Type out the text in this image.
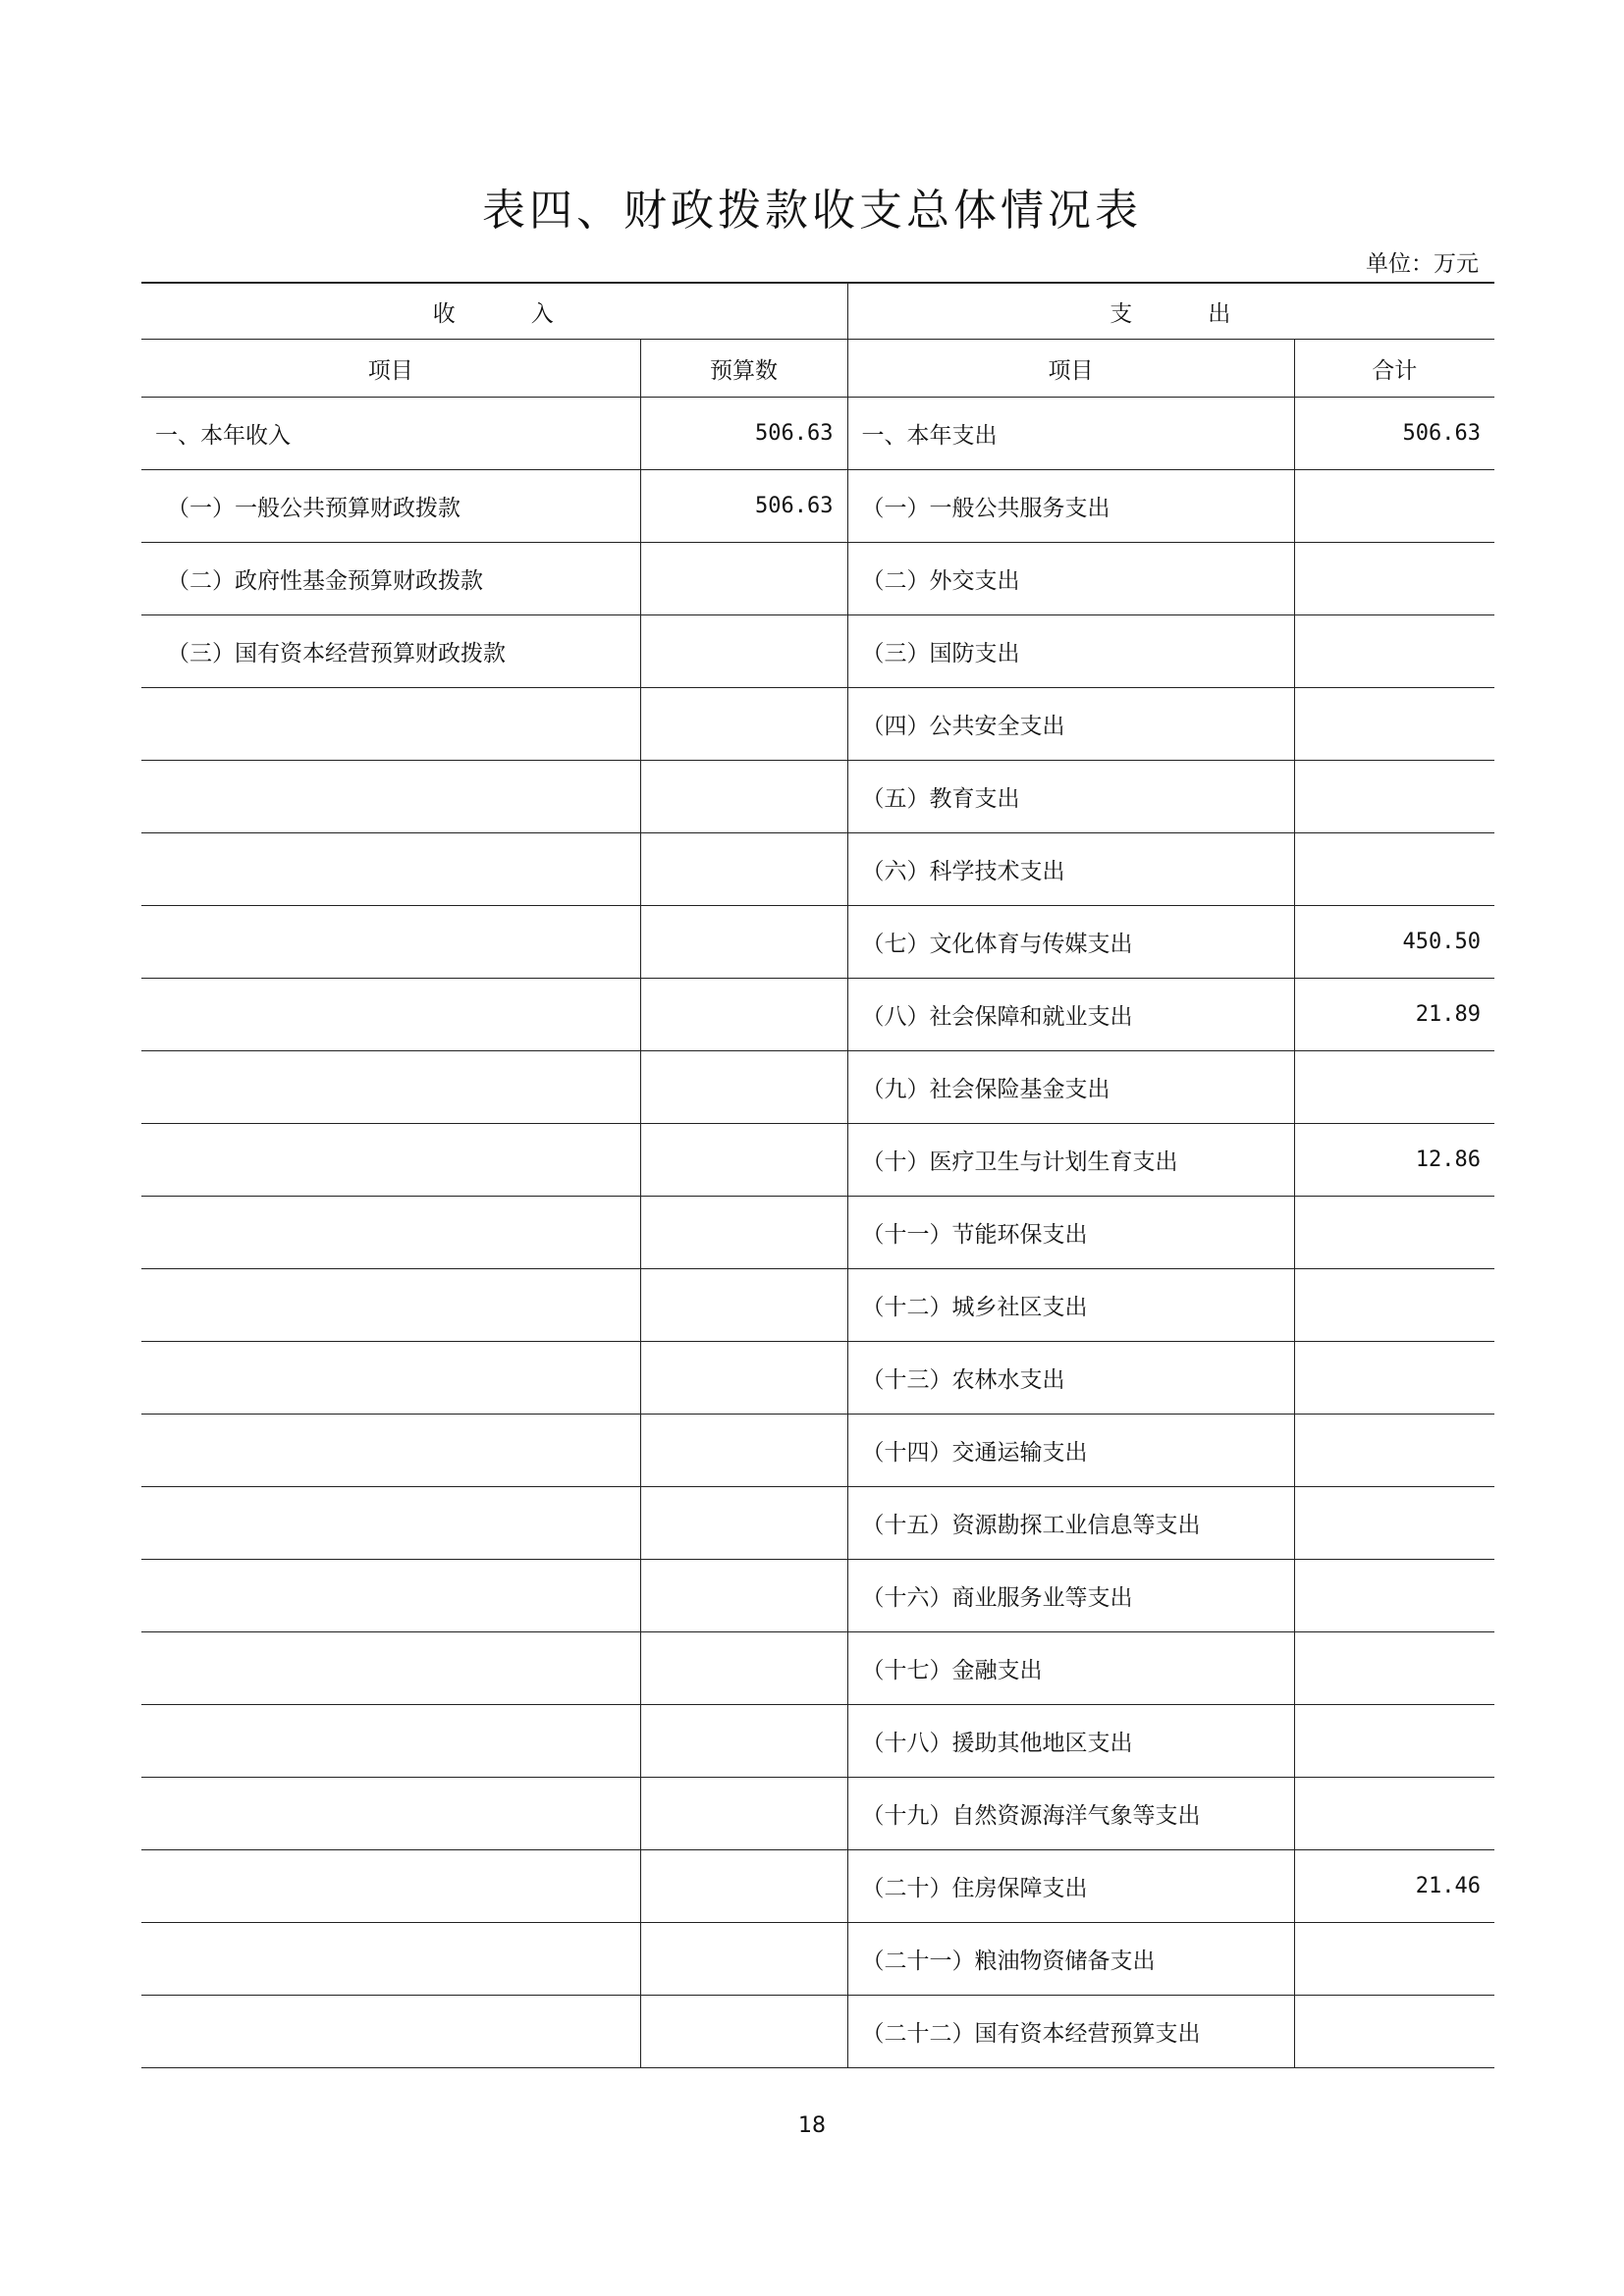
表四、财政拨款收支总体情况表
单位：万元
收　　　入		支　　　出	
项目	预算数	项目	合计
一、本年收入	506.63	一、本年支出	506.63
（一）一般公共预算财政拨款	506.63	（一）一般公共服务支出	
（二）政府性基金预算财政拨款		（二）外交支出	
（三）国有资本经营预算财政拨款		（三）国防支出	
		（四）公共安全支出	
		（五）教育支出	
		（六）科学技术支出	
		（七）文化体育与传媒支出	450.50
		（八）社会保障和就业支出	21.89
		（九）社会保险基金支出	
		（十）医疗卫生与计划生育支出	12.86
		（十一）节能环保支出	
		（十二）城乡社区支出	
		（十三）农林水支出	
		（十四）交通运输支出	
		（十五）资源勘探工业信息等支出	
		（十六）商业服务业等支出	
		（十七）金融支出	
		（十八）援助其他地区支出	
		（十九）自然资源海洋气象等支出	
		（二十）住房保障支出	21.46
		（二十一）粮油物资储备支出	
		（二十二）国有资本经营预算支出	
18
